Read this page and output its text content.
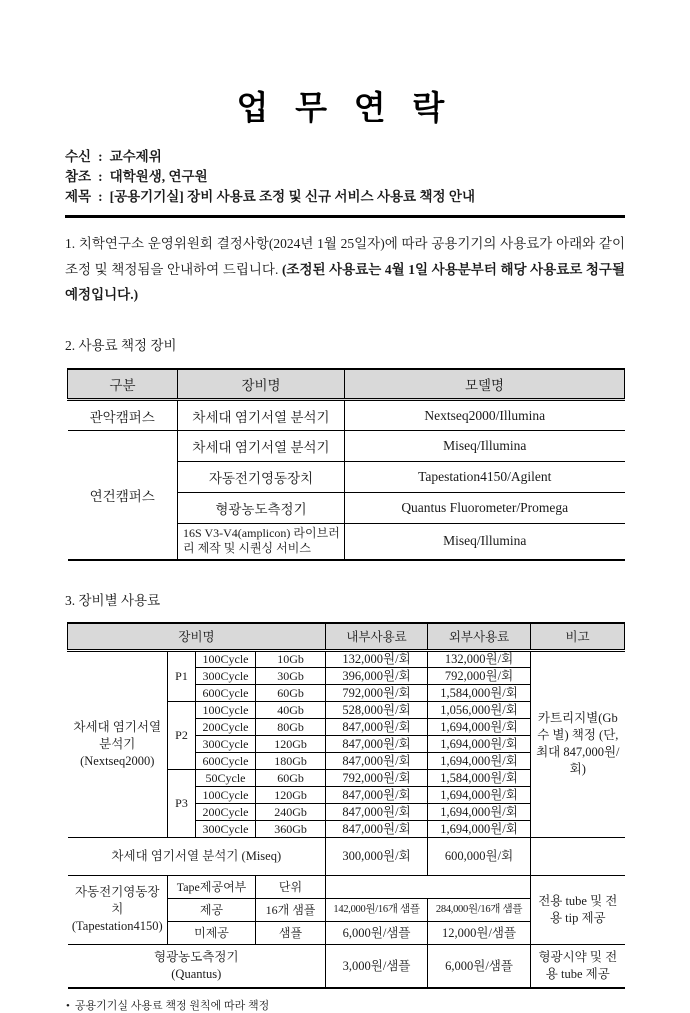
업 무 연 락
수신 : 교수제위
참조 : 대학원생, 연구원
제목 : [공용기기실] 장비 사용료 조정 및 신규 서비스 사용료 책정 안내

1. 치학연구소 운영위원회 결정사항(2024년 1월 25일자)에 따라 공용기기의 사용료가 아래와 같이 조정 및 책정됨을 안내하여 드립니다. (조정된 사용료는 4월 1일 사용분부터 해당 사용료로 청구될 예정입니다.)

2. 사용료 책정 장비
구분	장비명	모델명
관악캠퍼스	차세대 염기서열 분석기	Nextseq2000/Illumina
연건캠퍼스	차세대 염기서열 분석기	Miseq/Illumina
	자동전기영동장치	Tapestation4150/Agilent
	형광농도측정기	Quantus Fluorometer/Promega
	16S V3-V4(amplicon) 라이브러리 제작 및 시퀀싱 서비스	Miseq/Illumina
3. 장비별 사용료
장비명				내부사용료	외부사용료	비고
차세대 염기서열 분석기 (Nextseq2000)	P1	100Cycle	10Gb	132,000원/회	132,000원/회	카트리지별(Gb 수 별) 책정 (단, 최대 847,000원/회)
		300Cycle	30Gb	396,000원/회	792,000원/회	
		600Cycle	60Gb	792,000원/회	1,584,000원/회	
	P2	100Cycle	40Gb	528,000원/회	1,056,000원/회	
		200Cycle	80Gb	847,000원/회	1,694,000원/회	
		300Cycle	120Gb	847,000원/회	1,694,000원/회	
		600Cycle	180Gb	847,000원/회	1,694,000원/회	
	P3	50Cycle	60Gb	792,000원/회	1,584,000원/회	
		100Cycle	120Gb	847,000원/회	1,694,000원/회	
		200Cycle	240Gb	847,000원/회	1,694,000원/회	
		300Cycle	360Gb	847,000원/회	1,694,000원/회	
차세대 염기서열 분석기 (Miseq)				300,000원/회	600,000원/회	
자동전기영동장치 (Tapestation4150)	Tape제공여부		단위			전용 tube 및 전용 tip 제공
	제공		16개 샘플	142,000원/16개 샘플	284,000원/16개 샘플	
	미제공		샘플	6,000원/샘플	12,000원/샘플	

형광농도측정기
(Quantus)				3,000원/샘플	6,000원/샘플	형광시약 및 전용 tube 제공
• 공용기기실 사용료 책정 원칙에 따라 책정
